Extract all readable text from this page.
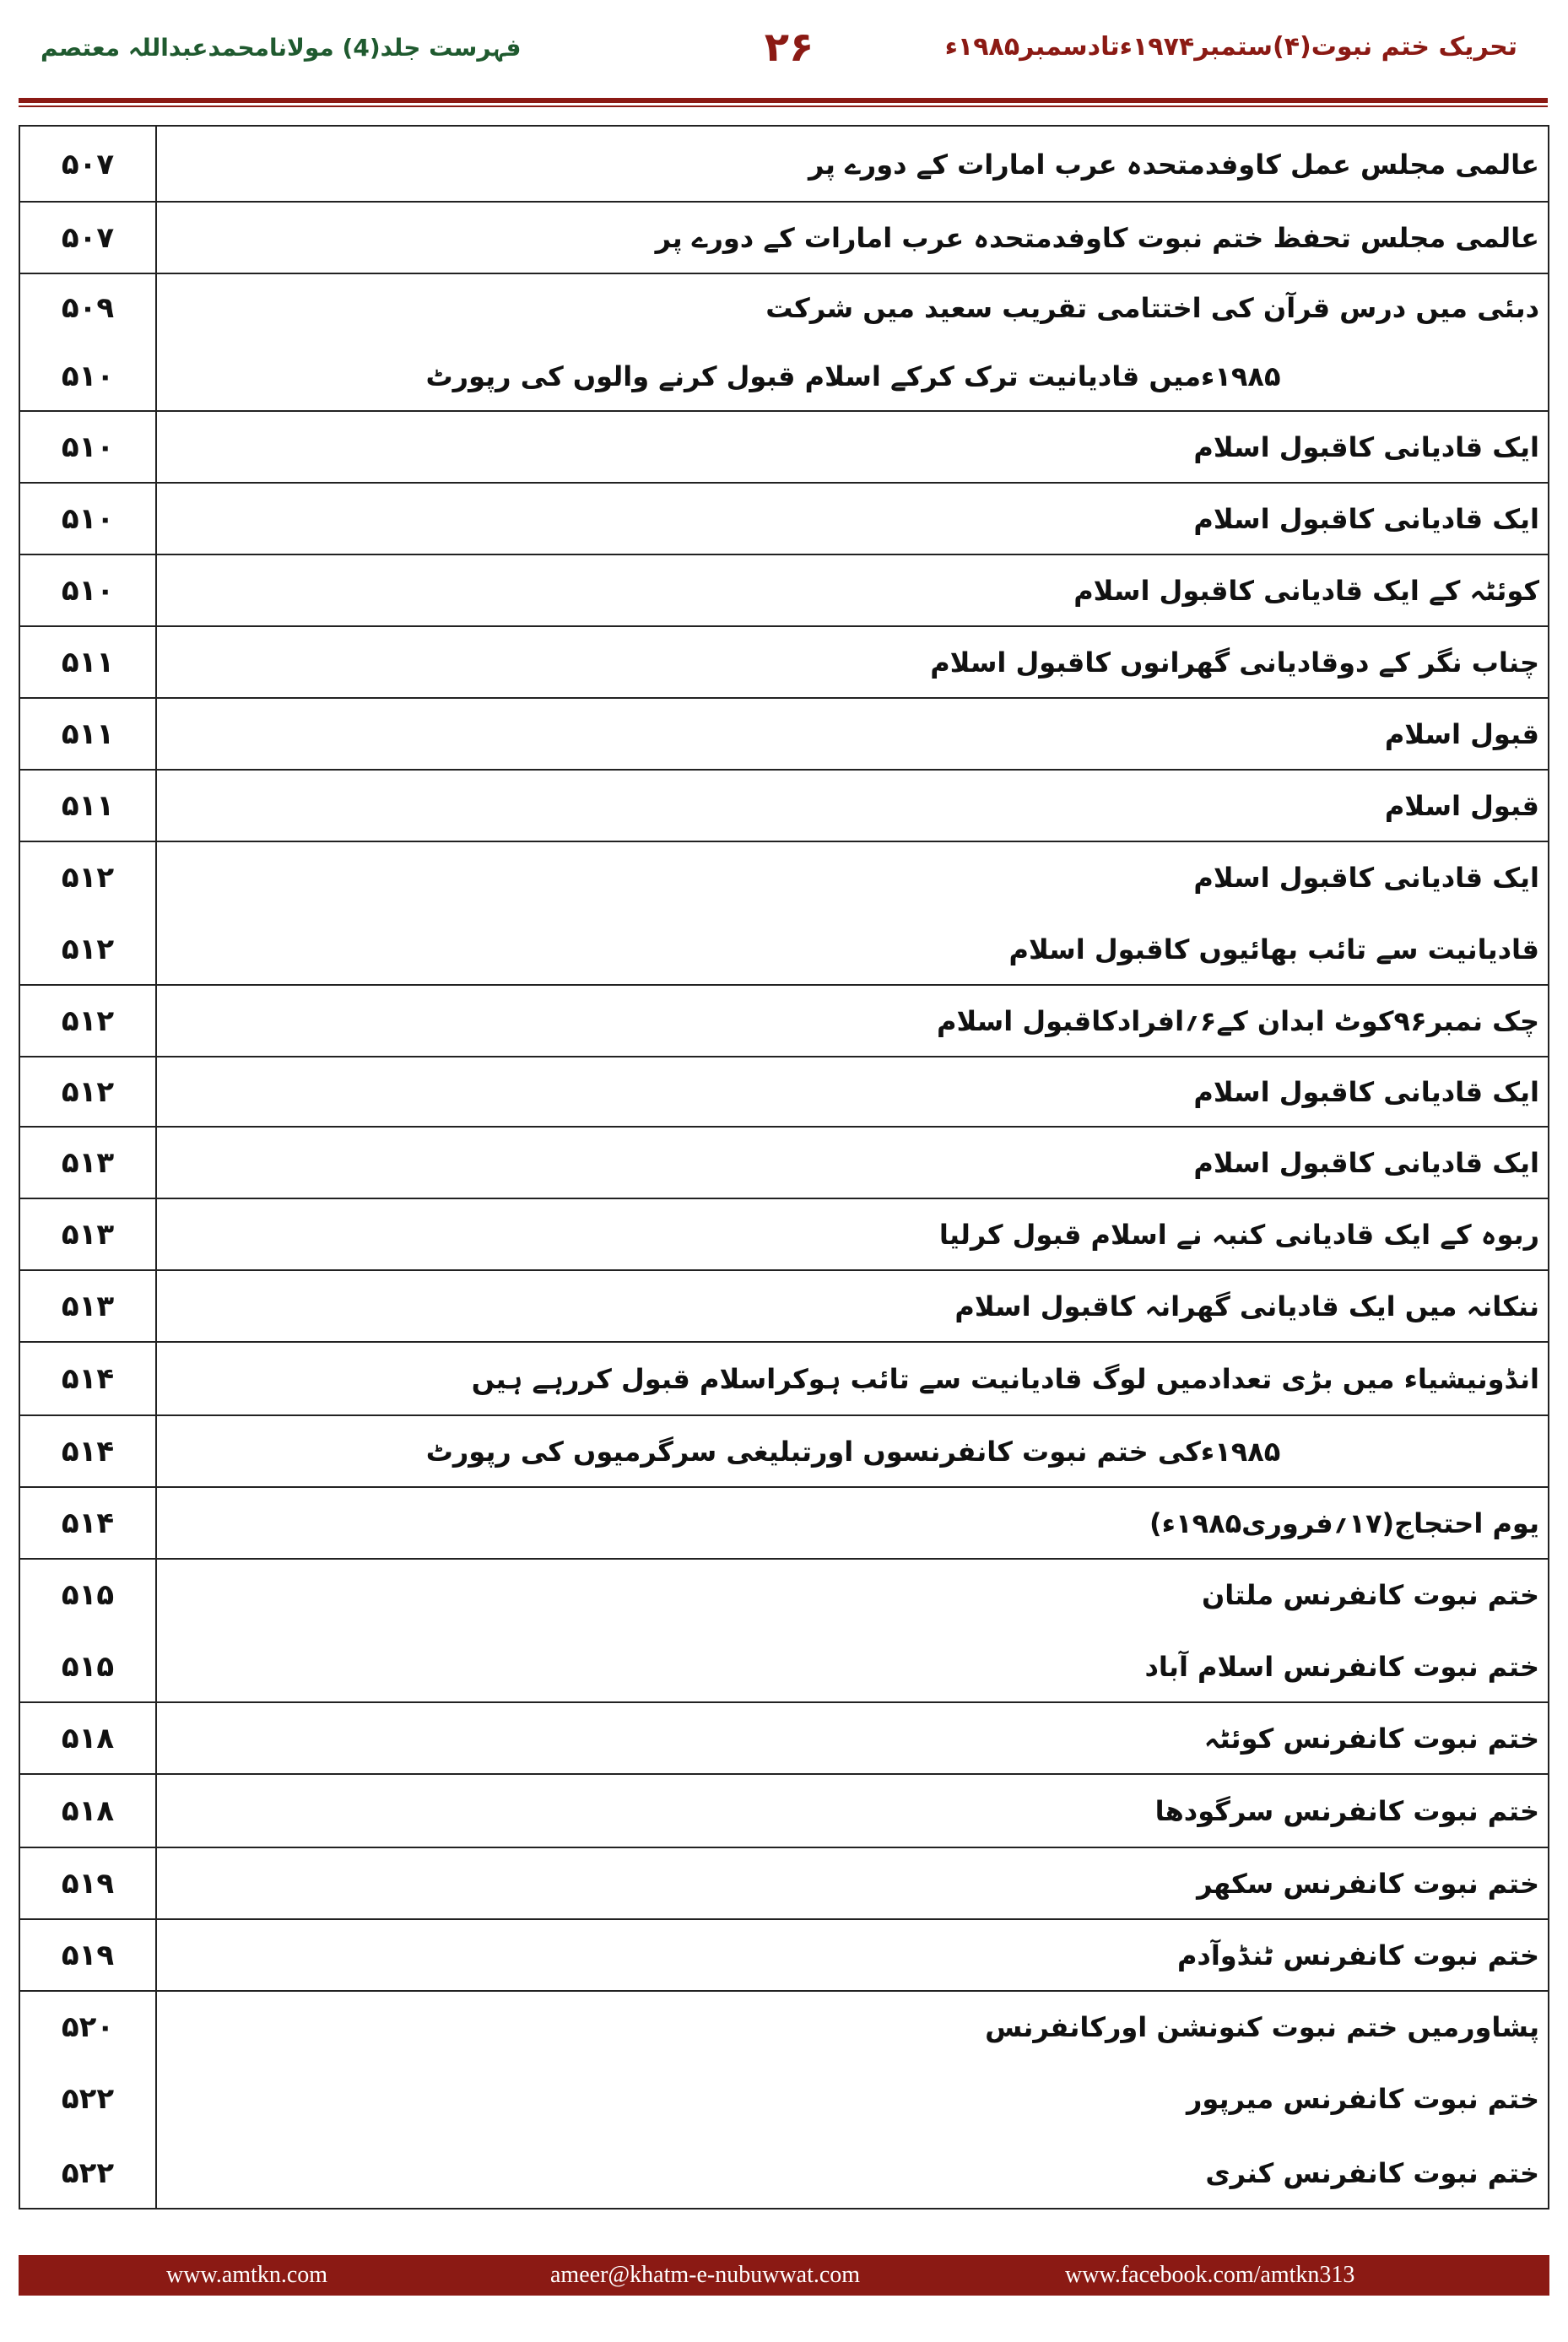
تحریک ختم نبوت(۴)ستمبر۱۹۷۴ءتادسمبر۱۹۸۵ء
۲۶
فہرست جلد(4) مولانامحمدعبداللہ معتصم
عالمی مجلس عمل کاوفدمتحدہ عرب امارات کے دورے پر
۵۰۷
عالمی مجلس تحفظ ختم نبوت کاوفدمتحدہ عرب امارات کے دورے پر
۵۰۷
دبئی میں درس قرآن کی اختتامی تقریب سعید میں شرکت
۵۰۹
۱۹۸۵ءمیں قادیانیت ترک کرکے اسلام قبول کرنے والوں کی رپورٹ
۵۱۰
ایک قادیانی کاقبول اسلام
۵۱۰
ایک قادیانی کاقبول اسلام
۵۱۰
کوئٹہ کے ایک قادیانی کاقبول اسلام
۵۱۰
چناب نگر کے دوقادیانی گھرانوں کاقبول اسلام
۵۱۱
قبول اسلام
۵۱۱
قبول اسلام
۵۱۱
ایک قادیانی کاقبول اسلام
۵۱۲
قادیانیت سے تائب بھائیوں کاقبول اسلام
۵۱۲
چک نمبر۹۶کوٹ ابدان کے۶؍افرادکاقبول اسلام
۵۱۲
ایک قادیانی کاقبول اسلام
۵۱۲
ایک قادیانی کاقبول اسلام
۵۱۳
ربوہ کے ایک قادیانی کنبہ نے اسلام قبول کرلیا
۵۱۳
ننکانہ میں ایک قادیانی گھرانہ کاقبول اسلام
۵۱۳
انڈونیشیاء میں بڑی تعدادمیں لوگ قادیانیت سے تائب ہوکراسلام قبول کررہے ہیں
۵۱۴
۱۹۸۵ءکی ختم نبوت کانفرنسوں اورتبلیغی سرگرمیوں کی رپورٹ
۵۱۴
یوم احتجاج(۱۷؍فروری۱۹۸۵ء)
۵۱۴
ختم نبوت کانفرنس ملتان
۵۱۵
ختم نبوت کانفرنس اسلام آباد
۵۱۵
ختم نبوت کانفرنس کوئٹہ
۵۱۸
ختم نبوت کانفرنس سرگودھا
۵۱۸
ختم نبوت کانفرنس سکھر
۵۱۹
ختم نبوت کانفرنس ٹنڈوآدم
۵۱۹
پشاورمیں ختم نبوت کنونشن اورکانفرنس
۵۲۰
ختم نبوت کانفرنس میرپور
۵۲۲
ختم نبوت کانفرنس کنری
۵۲۲
www.amtkn.com	ameer@khatm-e-nubuwwat.com	www.facebook.com/amtkn313
